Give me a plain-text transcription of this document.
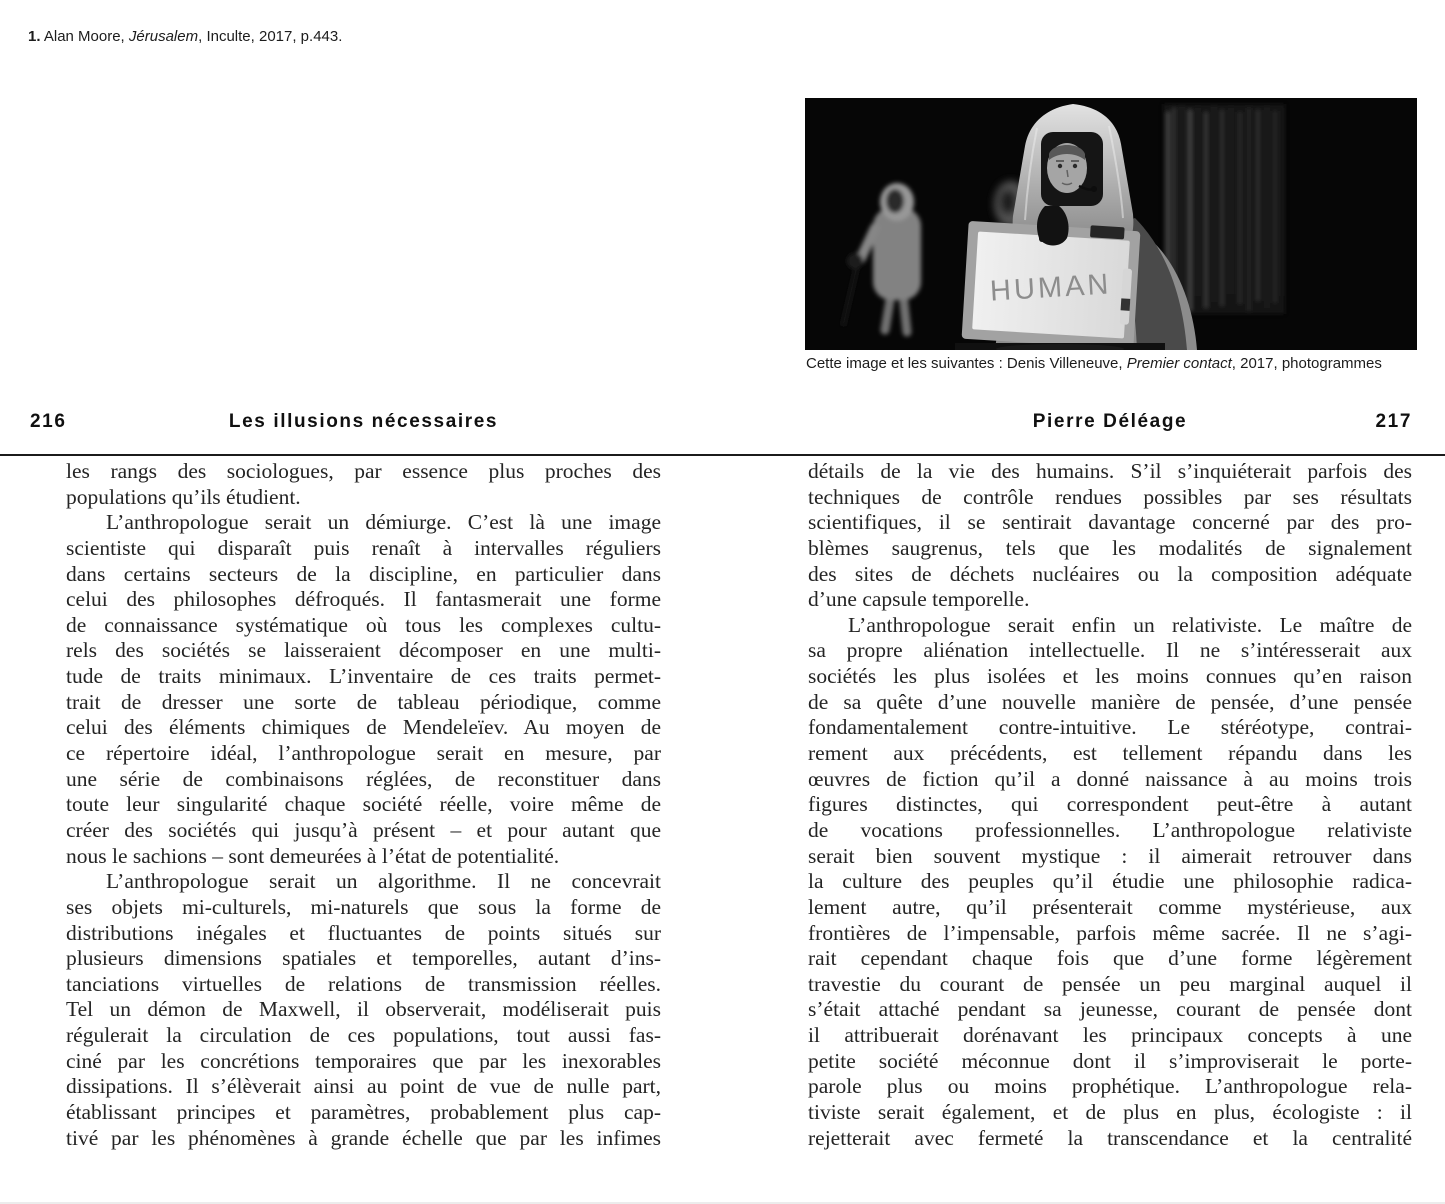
1. Alan Moore, Jérusalem, Inculte, 2017, p.443.
HUMAN
Cette image et les suivantes : Denis Villeneuve, Premier contact, 2017, photogrammes
216	Les illusions nécessaires	Pierre Déléage	217
les rangs des sociologues, par essence plus proches des
populations qu’ils étudient.
L’anthropologue serait un démiurge. C’est là une image
scientiste qui disparaît puis renaît à intervalles réguliers
dans certains secteurs de la discipline, en particulier dans
celui des philosophes défroqués. Il fantasmerait une forme
de connaissance systématique où tous les complexes cultu-
rels des sociétés se laisseraient décomposer en une multi-
tude de traits minimaux. L’inventaire de ces traits permet-
trait de dresser une sorte de tableau périodique, comme
celui des éléments chimiques de Mendeleïev. Au moyen de
ce répertoire idéal, l’anthropologue serait en mesure, par
une série de combinaisons réglées, de reconstituer dans
toute leur singularité chaque société réelle, voire même de
créer des sociétés qui jusqu’à présent – et pour autant que
nous le sachions – sont demeurées à l’état de potentialité.
L’anthropologue serait un algorithme. Il ne concevrait
ses objets mi-culturels, mi-naturels que sous la forme de
distributions inégales et fluctuantes de points situés sur
plusieurs dimensions spatiales et temporelles, autant d’ins-
tanciations virtuelles de relations de transmission réelles.
Tel un démon de Maxwell, il observerait, modéliserait puis
régulerait la circulation de ces populations, tout aussi fas-
ciné par les concrétions temporaires que par les inexorables
dissipations. Il s’élèverait ainsi au point de vue de nulle part,
établissant principes et paramètres, probablement plus cap-
tivé par les phénomènes à grande échelle que par les infimes
détails de la vie des humains. S’il s’inquiéterait parfois des
techniques de contrôle rendues possibles par ses résultats
scientifiques, il se sentirait davantage concerné par des pro-
blèmes saugrenus, tels que les modalités de signalement
des sites de déchets nucléaires ou la composition adéquate
d’une capsule temporelle.
L’anthropologue serait enfin un relativiste. Le maître de
sa propre aliénation intellectuelle. Il ne s’intéresserait aux
sociétés les plus isolées et les moins connues qu’en raison
de sa quête d’une nouvelle manière de pensée, d’une pensée
fondamentalement contre-intuitive. Le stéréotype, contrai-
rement aux précédents, est tellement répandu dans les
œuvres de fiction qu’il a donné naissance à au moins trois
figures distinctes, qui correspondent peut-être à autant
de vocations professionnelles. L’anthropologue relativiste
serait bien souvent mystique : il aimerait retrouver dans
la culture des peuples qu’il étudie une philosophie radica-
lement autre, qu’il présenterait comme mystérieuse, aux
frontières de l’impensable, parfois même sacrée. Il ne s’agi-
rait cependant chaque fois que d’une forme légèrement
travestie du courant de pensée un peu marginal auquel il
s’était attaché pendant sa jeunesse, courant de pensée dont
il attribuerait dorénavant les principaux concepts à une
petite société méconnue dont il s’improviserait le porte-
parole plus ou moins prophétique. L’anthropologue rela-
tiviste serait également, et de plus en plus, écologiste : il
rejetterait avec fermeté la transcendance et la centralité
